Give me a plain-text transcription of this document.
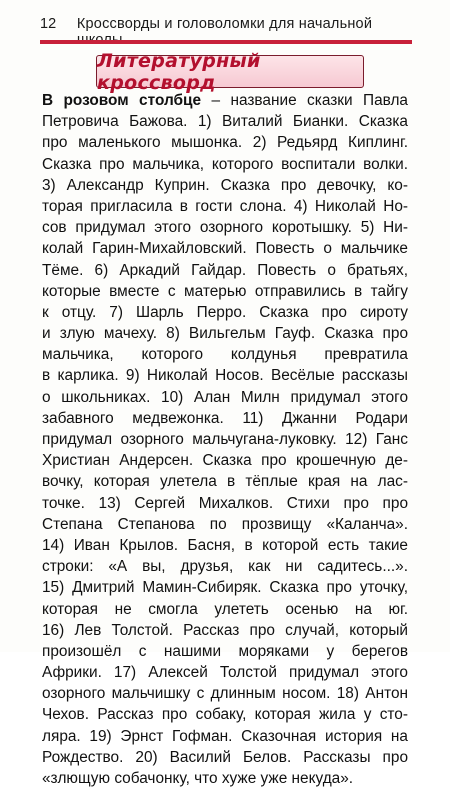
12	Кроссворды и головоломки для начальной
Литературный кроссворд
В розовом столбце – название сказки Павла
Петровича Бажова. 1) Виталий Бианки. Сказка
про маленького мышонка. 2) Редьярд Киплинг.
Сказка про мальчика, которого воспитали волки.
3) Александр Куприн. Сказка про девочку, ко-
торая пригласила в гости слона. 4) Николай Но-
сов придумал этого озорного коротышку. 5) Ни-
колай Гарин-Михайловский. Повесть о мальчике
Тёме. 6) Аркадий Гайдар. Повесть о братьях,
которые вместе с матерью отправились в тайгу
к отцу. 7) Шарль Перро. Сказка про сироту
и злую мачеху. 8) Вильгельм Гауф. Сказка про
мальчика, которого колдунья превратила
в карлика. 9) Николай Носов. Весёлые рассказы
о школьниках. 10) Алан Милн придумал этого
забавного медвежонка. 11) Джанни Родари
придумал озорного мальчугана-луковку. 12) Ганс
Христиан Андерсен. Сказка про крошечную де-
вочку, которая улетела в тёплые края на лас-
точке. 13) Сергей Михалков. Стихи про про
Степана Степанова по прозвищу «Каланча».
14) Иван Крылов. Басня, в которой есть такие
строки: «А вы, друзья, как ни садитесь...».
15) Дмитрий Мамин-Сибиряк. Сказка про уточку,
которая не смогла улететь осенью на юг.
16) Лев Толстой. Рассказ про случай, который
произошёл с нашими моряками у берегов
Африки. 17) Алексей Толстой придумал этого
озорного мальчишку с длинным носом. 18) Антон
Чехов. Рассказ про собаку, которая жила у сто-
ляра. 19) Эрнст Гофман. Сказочная история на
Рождество. 20) Василий Белов. Рассказы про
«злющую собачонку, что хуже уже некуда».
